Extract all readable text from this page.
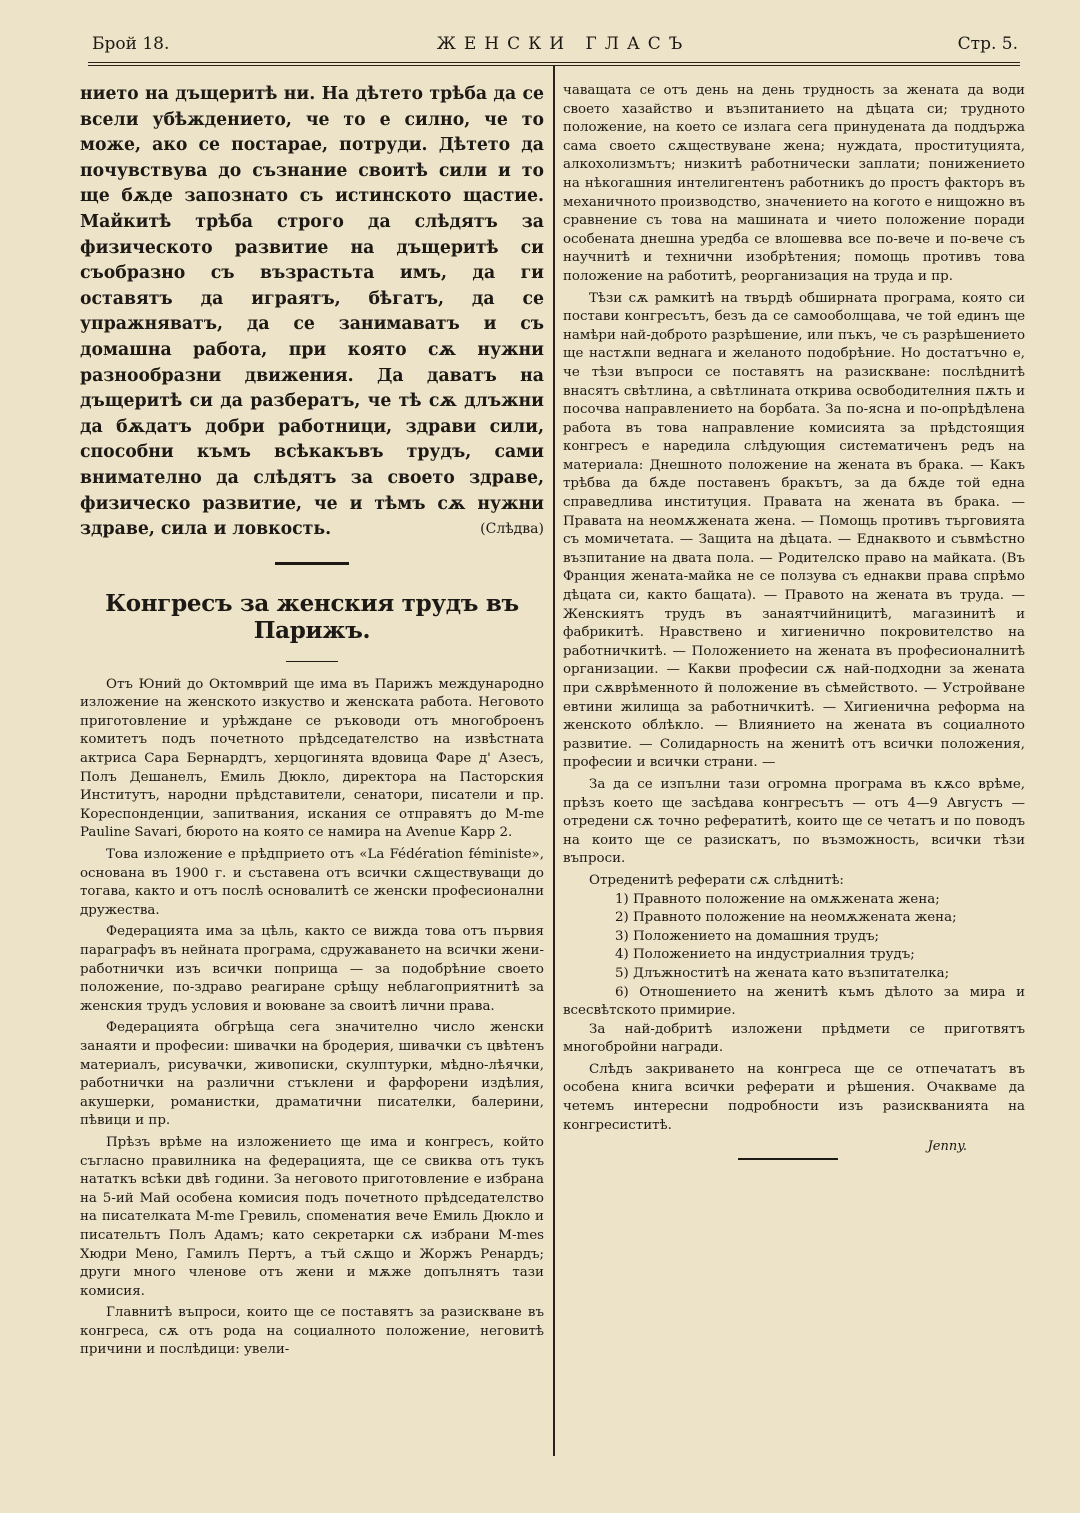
Брой 18.	ЖЕНСКИ ГЛАСЪ	Стр. 5.

нието на дъщеритѣ ни. На дѣтето трѣба да се всели убѣждението, че то е силно, че то може, ако се постарае, потруди. Дѣтето да почувствува до съзнание своитѣ сили и то ще бѫде запознато съ истинското щастие. Майкитѣ трѣба строго да слѣдятъ за физическото развитие на дъщеритѣ си съобразно съ възрастьта имъ, да ги оставятъ да играятъ, бѣгатъ, да се упражняватъ, да се занимаватъ и съ домашна работа, при която сѫ нужни разнообразни движения. Да даватъ на дъщеритѣ си да разбератъ, че тѣ сѫ длъжни да бѫдатъ добри работници, здрави сили, способни къмъ всѣкакъвъ трудъ, сами внимателно да слѣдятъ за своето здраве, физическо развитие, че и тѣмъ сѫ нужни здраве, сила и ловкость.	(Слѣдва)

Конгресъ за женския трудъ въ Парижъ.

Отъ Юний до Октомврий ще има въ Парижъ международно изложение на женското изкуство и женската работа. Неговото приготовление и урѣждане се ръководи отъ многоброенъ комитетъ подъ почетното прѣдседателство на извѣстната актриса Сара Бернардтъ, херцогинята вдовица Фаре д' Азесъ, Полъ Дешанелъ, Емиль Дюкло, директора на Пасторския Институтъ, народни прѣдставители, сенатори, писатели и пр. Кореспонденции, запитвания, искания се отправятъ до M-me Pauline Savari, бюрото на която се намира на Avenue Kapp 2.

Това изложение е прѣдприето отъ «La Fédération féministe», основана въ 1900 г. и съставена отъ всички сѫществуващи до тогава, както и отъ послѣ основалитѣ се женски професионални дружества.

Федерацията има за цѣль, както се вижда това отъ първия параграфъ въ нейната програма, сдружаването на всички жени-работнички изъ всички поприща — за подобрѣние своето положение, по-здраво реагиране срѣщу неблагоприятнитѣ за женския трудъ условия и воюване за своитѣ лични права.

Федерацията обгрѣща сега значително число женски занаяти и професии: шивачки на бродерия, шивачки съ цвѣтенъ материалъ, рисувачки, живописки, скулптурки, мѣдно-лѣячки, работнички на различни стъклени и фарфорени издѣлия, акушерки, романистки, драматични писателки, балерини, пѣвици и пр.

Прѣзъ врѣме на изложението ще има и конгресъ, който съгласно правилника на федерацията, ще се свиква отъ тукъ нататкъ всѣки двѣ години. За неговото приготовление е избрана на 5-ий Май особена комисия подъ почетното прѣдседателство на писателката M-me Гревиль, споменатия вече Емиль Дюкло и писательтъ Полъ Адамъ; като секретарки сѫ избрани M-mes Хюдри Мено, Гамилъ Пертъ, а тъй сѫщо и Жоржъ Ренардъ; други много членове отъ жени и мѫже допълнятъ тази комисия.

Главнитѣ въпроси, които ще се поставятъ за разискване въ конгреса, сѫ отъ рода на социалното положение, неговитѣ причини и послѣдици: увели-

чаващата се отъ день на день трудность за жената да води своето хазайство и възпитанието на дѣцата си; трудното положение, на което се излага сега принудената да поддържа сама своето сѫществуване жена; нуждата, проституцията, алкохолизмътъ; низкитѣ работнически заплати; понижението на нѣкогашния интелигентенъ работникъ до простъ факторъ въ механичното производство, значението на когото е нищожно въ сравнение съ това на машината и чието положение поради особената днешна уредба се влошевва все по-вече и по-вече съ научнитѣ и технични изобрѣтения; помощь противъ това положение на работитѣ, реорганизация на труда и пр.

Тѣзи сѫ рамкитѣ на твърдѣ обширната програма, която си постави конгресътъ, безъ да се самооболщава, че той единъ ще намѣри най-доброто разрѣшение, или пъкъ, че съ разрѣшението ще настѫпи веднага и желаното подобрѣние. Но достатъчно е, че тѣзи въпроси се поставятъ на разискване: послѣднитѣ внасятъ свѣтлина, а свѣтлината открива освободителния пѫть и посочва направлението на борбата. За по-ясна и по-опрѣдѣлена работа въ това направление комисията за прѣдстоящия конгресъ е наредила слѣдующия систематиченъ редъ на материала: Днешното положение на жената въ брака. — Какъ трѣбва да бѫде поставенъ бракътъ, за да бѫде той една справедлива институция. Правата на жената въ брака. — Правата на неомѫжената жена. — Помощь противъ търговията съ момичетата. — Защита на дѣцата. — Еднаквото и съвмѣстно възпитание на двата пола. — Родителско право на майката. (Въ Франция жената-майка не се ползува съ еднакви права спрѣмо дѣцата си, както бащата). — Правото на жената въ труда. — Женскиятъ трудъ въ занаятчийницитѣ, магазинитѣ и фабрикитѣ. Нравствено и хигиенично покровителство на работничкитѣ. — Положението на жената въ професионалнитѣ организации. — Какви професии сѫ най-подходни за жената при сѫврѣменното й положение въ сѣмейството. — Устройване евтини жилища за работничкитѣ. — Хигиенична реформа на женското облѣкло. — Влиянието на жената въ социалното развитие. — Солидарность на женитѣ отъ всички положения, професии и всички страни. —

За да се изпълни тази огромна програма въ кѫсо врѣме, прѣзъ което ще засѣдава конгресътъ — отъ 4—9 Августъ — отредени сѫ точно рефератитѣ, които ще се четатъ и по поводъ на които ще се разискатъ, по възможность, всички тѣзи въпроси.

Отреденитѣ реферати сѫ слѣднитѣ:

1) Правното положение на омѫжената жена;
2) Правното положение на неомѫжената жена;
3) Положението на домашния трудъ;
4) Положението на индустриалния трудъ;
5) Длъжноститѣ на жената като възпитателка;
6) Отношението на женитѣ къмъ дѣлото за мира и всесвѣтското примирие.

За най-добритѣ изложени прѣдмети се приготвятъ многобройни награди.

Слѣдъ закриването на конгреса ще се отпечататъ въ особена книга всички реферати и рѣшения. Очакваме да четемъ интересни подробности изъ разискванията на конгресиститѣ.

Jenny.
